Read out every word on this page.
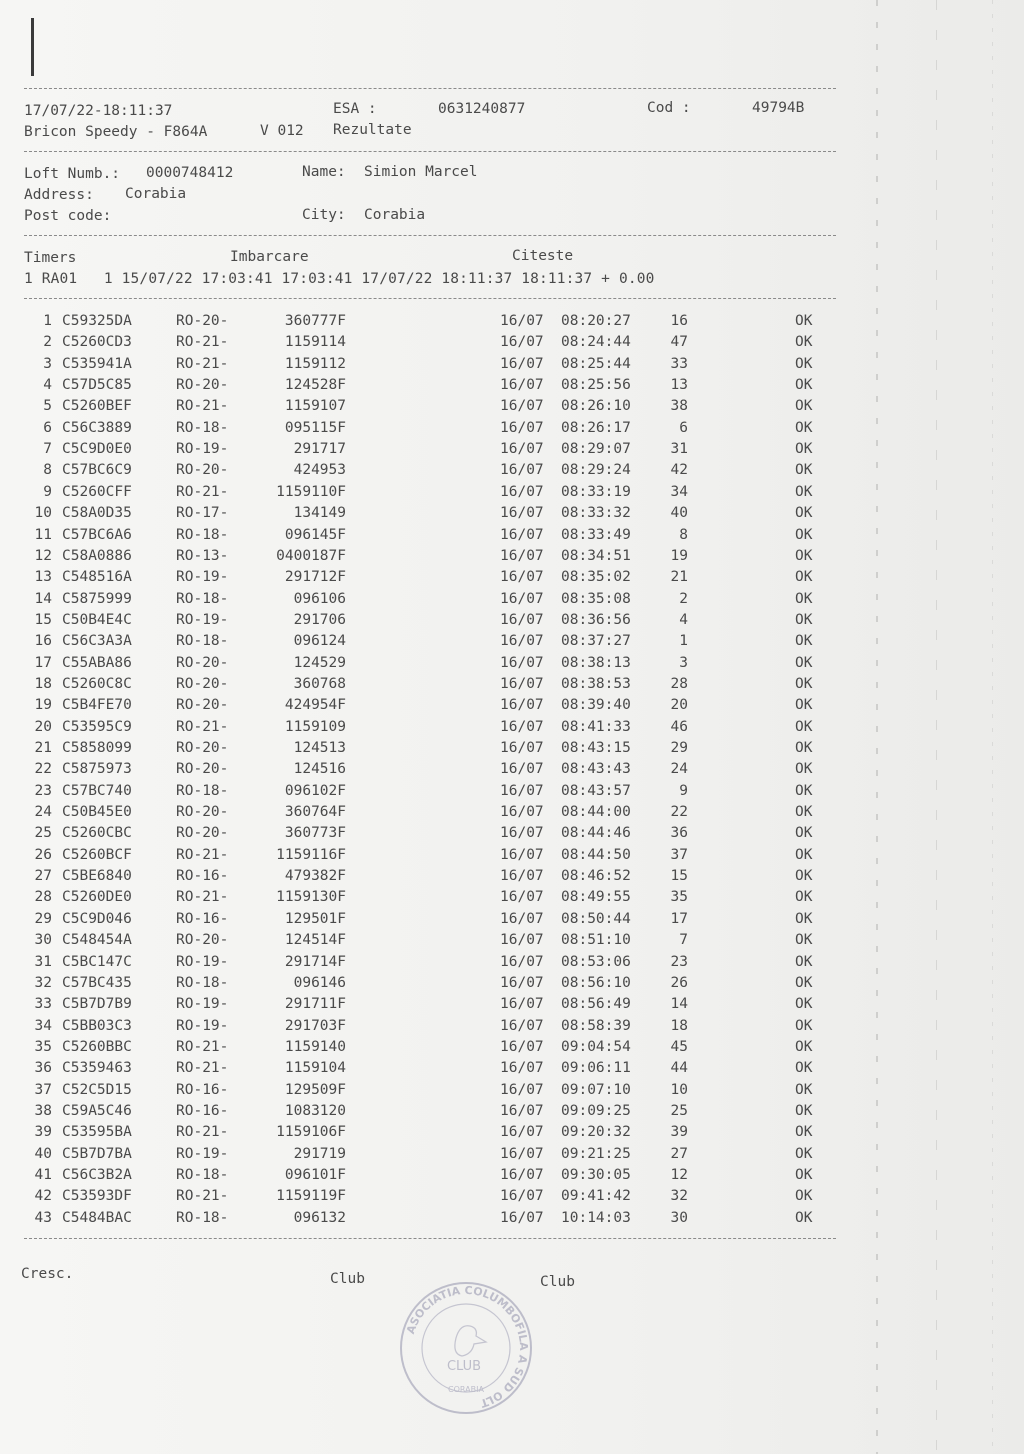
17/07/22-18:11:37	ESA :	0631240877	Cod :	49794B
Bricon Speedy - F864A	V 012 Rezultate
Loft Numb.: 0000748412	Name: Simion Marcel
Address: Corabia
Post code:	City: Corabia
Timers	Imbarcare	Citeste
1 RA01   1 15/07/22 17:03:41 17:03:41 17/07/22 18:11:37 18:11:37 + 0.00
1 C59325DA	RO-20-	360777F	16/07 08:20:27	16	OK
2 C5260CD3	RO-21-	1159114	16/07 08:24:44	47	OK
3 C535941A	RO-21-	1159112	16/07 08:25:44	33	OK
4 C57D5C85	RO-20-	124528F	16/07 08:25:56	13	OK
5 C5260BEF	RO-21-	1159107	16/07 08:26:10	38	OK
6 C56C3889	RO-18-	095115F	16/07 08:26:17	6	OK
7 C5C9D0E0	RO-19-	291717	16/07 08:29:07	31	OK
8 C57BC6C9	RO-20-	424953	16/07 08:29:24	42	OK
9 C5260CFF	RO-21-	1159110F	16/07 08:33:19	34	OK
10 C58A0D35	RO-17-	134149	16/07 08:33:32	40	OK
11 C57BC6A6	RO-18-	096145F	16/07 08:33:49	8	OK
12 C58A0886	RO-13-	0400187F	16/07 08:34:51	19	OK
13 C548516A	RO-19-	291712F	16/07 08:35:02	21	OK
14 C5875999	RO-18-	096106	16/07 08:35:08	2	OK
15 C50B4E4C	RO-19-	291706	16/07 08:36:56	4	OK
16 C56C3A3A	RO-18-	096124	16/07 08:37:27	1	OK
17 C55ABA86	RO-20-	124529	16/07 08:38:13	3	OK
18 C5260C8C	RO-20-	360768	16/07 08:38:53	28	OK
19 C5B4FE70	RO-20-	424954F	16/07 08:39:40	20	OK
20 C53595C9	RO-21-	1159109	16/07 08:41:33	46	OK
21 C5858099	RO-20-	124513	16/07 08:43:15	29	OK
22 C5875973	RO-20-	124516	16/07 08:43:43	24	OK
23 C57BC740	RO-18-	096102F	16/07 08:43:57	9	OK
24 C50B45E0	RO-20-	360764F	16/07 08:44:00	22	OK
25 C5260CBC	RO-20-	360773F	16/07 08:44:46	36	OK
26 C5260BCF	RO-21-	1159116F	16/07 08:44:50	37	OK
27 C5BE6840	RO-16-	479382F	16/07 08:46:52	15	OK
28 C5260DE0	RO-21-	1159130F	16/07 08:49:55	35	OK
29 C5C9D046	RO-16-	129501F	16/07 08:50:44	17	OK
30 C548454A	RO-20-	124514F	16/07 08:51:10	7	OK
31 C5BC147C	RO-19-	291714F	16/07 08:53:06	23	OK
32 C57BC435	RO-18-	096146	16/07 08:56:10	26	OK
33 C5B7D7B9	RO-19-	291711F	16/07 08:56:49	14	OK
34 C5BB03C3	RO-19-	291703F	16/07 08:58:39	18	OK
35 C5260BBC	RO-21-	1159140	16/07 09:04:54	45	OK
36 C5359463	RO-21-	1159104	16/07 09:06:11	44	OK
37 C52C5D15	RO-16-	129509F	16/07 09:07:10	10	OK
38 C59A5C46	RO-16-	1083120	16/07 09:09:25	25	OK
39 C53595BA	RO-21-	1159106F	16/07 09:20:32	39	OK
40 C5B7D7BA	RO-19-	291719	16/07 09:21:25	27	OK
41 C56C3B2A	RO-18-	096101F	16/07 09:30:05	12	OK
42 C53593DF	RO-21-	1159119F	16/07 09:41:42	32	OK
43 C5484BAC	RO-18-	096132	16/07 10:14:03	30	OK
Cresc.	Club	Club
ASOCIATIA COLUMBOFILA A SUD OLT
CLUB
CORABIA
